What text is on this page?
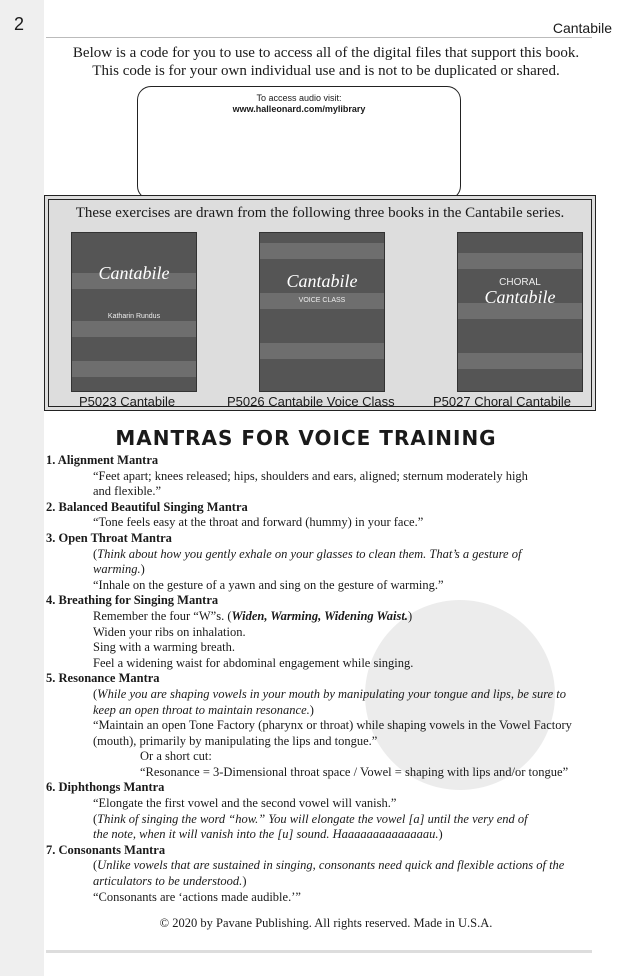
2	Cantabile
Below is a code for you to use to access all of the digital files that support this book.
This code is for your own individual use and is not to be duplicated or shared.
To access audio visit:
www.halleonard.com/mylibrary
These exercises are drawn from the following three books in the Cantabile series.
Cantabile
Katharin Rundus
P5023 Cantabile
Cantabile
VOICE CLASS
P5026 Cantabile Voice Class
CHORAL
Cantabile
P5027 Choral Cantabile
MANTRAS FOR VOICE TRAINING
1. Alignment Mantra
“Feet apart; knees released; hips, shoulders and ears, aligned; sternum moderately high
and flexible.”
2. Balanced Beautiful Singing Mantra
“Tone feels easy at the throat and forward (hummy) in your face.”
3. Open Throat Mantra
(Think about how you gently exhale on your glasses to clean them. That’s a gesture of
warming.)
“Inhale on the gesture of a yawn and sing on the gesture of warming.”
4. Breathing for Singing Mantra
Remember the four “W”s. (Widen, Warming, Widening Waist.)
Widen your ribs on inhalation.
Sing with a warming breath.
Feel a widening waist for abdominal engagement while singing.
5. Resonance Mantra
(While you are shaping vowels in your mouth by manipulating your tongue and lips, be sure to
keep an open throat to maintain resonance.)
“Maintain an open Tone Factory (pharynx or throat) while shaping vowels in the Vowel Factory
(mouth), primarily by manipulating the lips and tongue.”
Or a short cut:
“Resonance = 3-Dimensional throat space / Vowel = shaping with lips and/or tongue”
6. Diphthongs Mantra
“Elongate the first vowel and the second vowel will vanish.”
(Think of singing the word “how.” You will elongate the vowel [a] until the very end of
the note, when it will vanish into the [u] sound. Haaaaaaaaaaaaaau.)
7. Consonants Mantra
(Unlike vowels that are sustained in singing, consonants need quick and flexible actions of the
articulators to be understood.)
“Consonants are ‘actions made audible.’”
© 2020 by Pavane Publishing. All rights reserved. Made in U.S.A.
